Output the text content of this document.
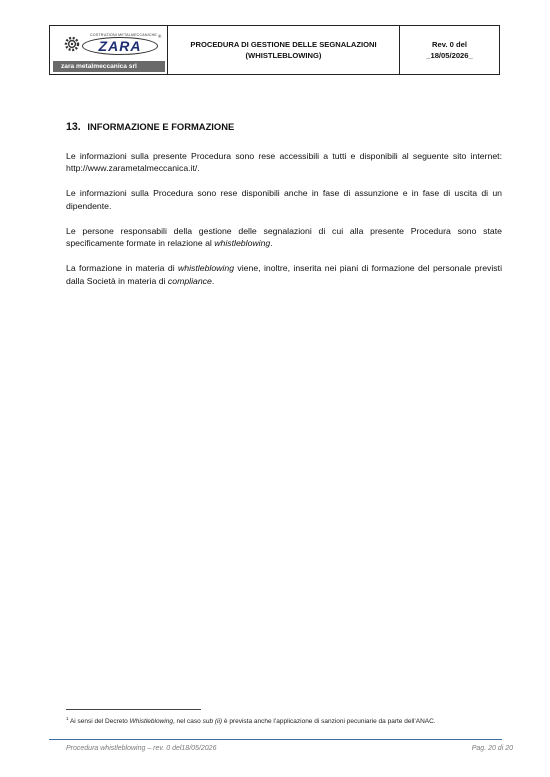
COSTRUZIONI METALMECCANICHE
ZARA
®
zara metalmeccanica srl
PROCEDURA DI GESTIONE DELLE SEGNALAZIONI
(WHISTLEBLOWING)
Rev. 0 del
_18/05/2026_
13. INFORMAZIONE E FORMAZIONE

Le informazioni sulla presente Procedura sono rese accessibili a tutti e disponibili al seguente sito internet: http://www.zarametalmeccanica.it/.

Le informazioni sulla Procedura sono rese disponibili anche in fase di assunzione e in fase di uscita di un dipendente.

Le persone responsabili della gestione delle segnalazioni di cui alla presente Procedura sono state specificamente formate in relazione al whistleblowing.

La formazione in materia di whistleblowing viene, inoltre, inserita nei piani di formazione del personale previsti dalla Società in materia di compliance.

$^1$ Ai sensi del Decreto Whistleblowing, nel caso sub (ii) è prevista anche l’applicazione di sanzioni pecuniarie da parte dell’ANAC.
Procedura whistleblowing – rev. 0 del18/05/2026	Pag. 20 di 20
